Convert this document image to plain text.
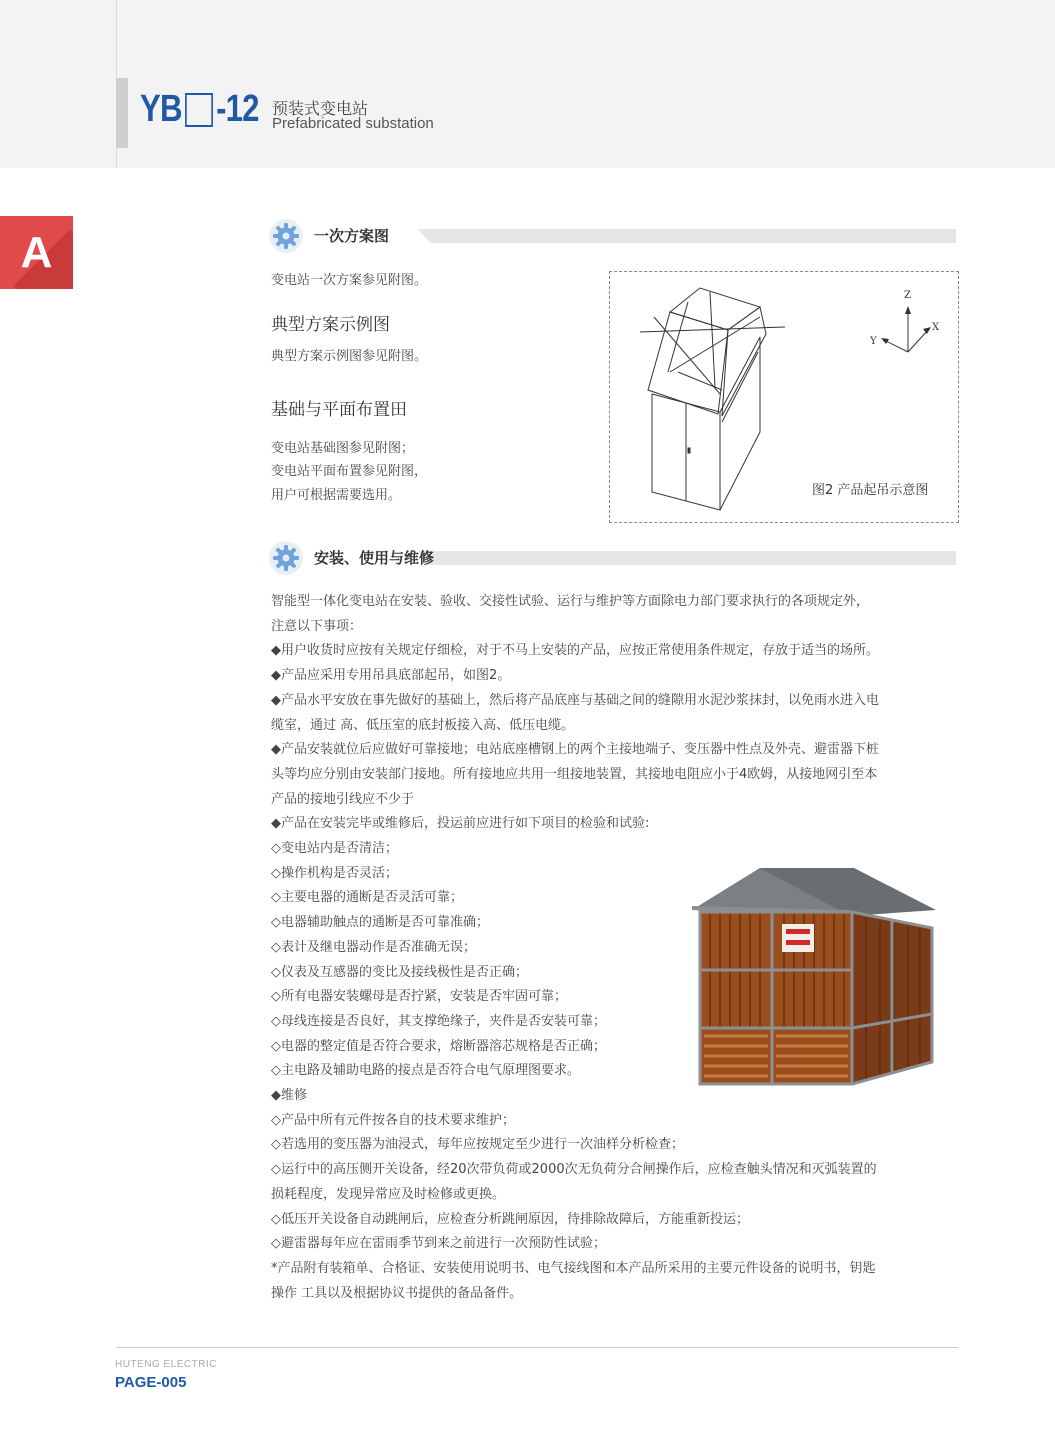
YB -12 预装式变电站
Prefabricated substation
A	一次方案图
变电站一次方案参见附图。
典型方案示例图
典型方案示例图参见附图。
基础与平面布置田
变电站基础图参见附图；
变电站平面布置参见附图，
用户可根据需要选用。
Z
X
Y
图2 产品起吊示意图
安装、使用与维修
智能型一体化变电站在安装、验收、交接性试验、运行与维护等方面除电力部门要求执行的各项规定外，
注意以下事项：
◆用户收货时应按有关规定仔细检，对于不马上安装的产品，应按正常使用条件规定，存放于适当的场所。
◆产品应采用专用吊具底部起吊，如图2。
◆产品水平安放在事先做好的基础上，然后将产品底座与基础之间的缝隙用水泥沙浆抹封，以免雨水进入电
缆室，通过 高、低压室的底封板接入高、低压电缆。
◆产品安装就位后应做好可靠接地；电站底座槽钢上的两个主接地端子、变压器中性点及外壳、避雷器下桩
头等均应分别由安装部门接地。所有接地应共用一组接地装置，其接地电阻应小于4欧姆，从接地网引至本
产品的接地引线应不少于
◆产品在安装完毕或维修后，投运前应进行如下项目的检验和试验:
◇变电站内是否清洁；
◇操作机构是否灵活；
◇主要电器的通断是否灵活可靠；
◇电器辅助触点的通断是否可靠准确；
◇表计及继电器动作是否准确无误；
◇仪表及互感器的变比及接线极性是否正确；
◇所有电器安装螺母是否拧紧，安装是否牢固可靠；
◇母线连接是否良好，其支撑绝缘子，夹件是否安装可靠；
◇电器的整定值是否符合要求，熔断器溶芯规格是否正确；
◇主电路及辅助电路的接点是否符合电气原理图要求。
◆维修
◇产品中所有元件按各自的技术要求维护；
◇若选用的变压器为油浸式，每年应按规定至少进行一次油样分析检查；
◇运行中的高压侧开关设备，经20次带负荷或2000次无负荷分合闸操作后，应检查触头情况和灭弧装置的
损耗程度，发现异常应及时检修或更换。
◇低压开关设备自动跳闸后，应检查分析跳闸原因，待排除故障后，方能重新投运；
◇避雷器每年应在雷雨季节到来之前进行一次预防性试验；
*产品附有装箱单、合格证、安装使用说明书、电气接线图和本产品所采用的主要元件设备的说明书，钥匙
操作 工具以及根据协议书提供的备品备件。
HUTENG ELECTRIC
PAGE-005
